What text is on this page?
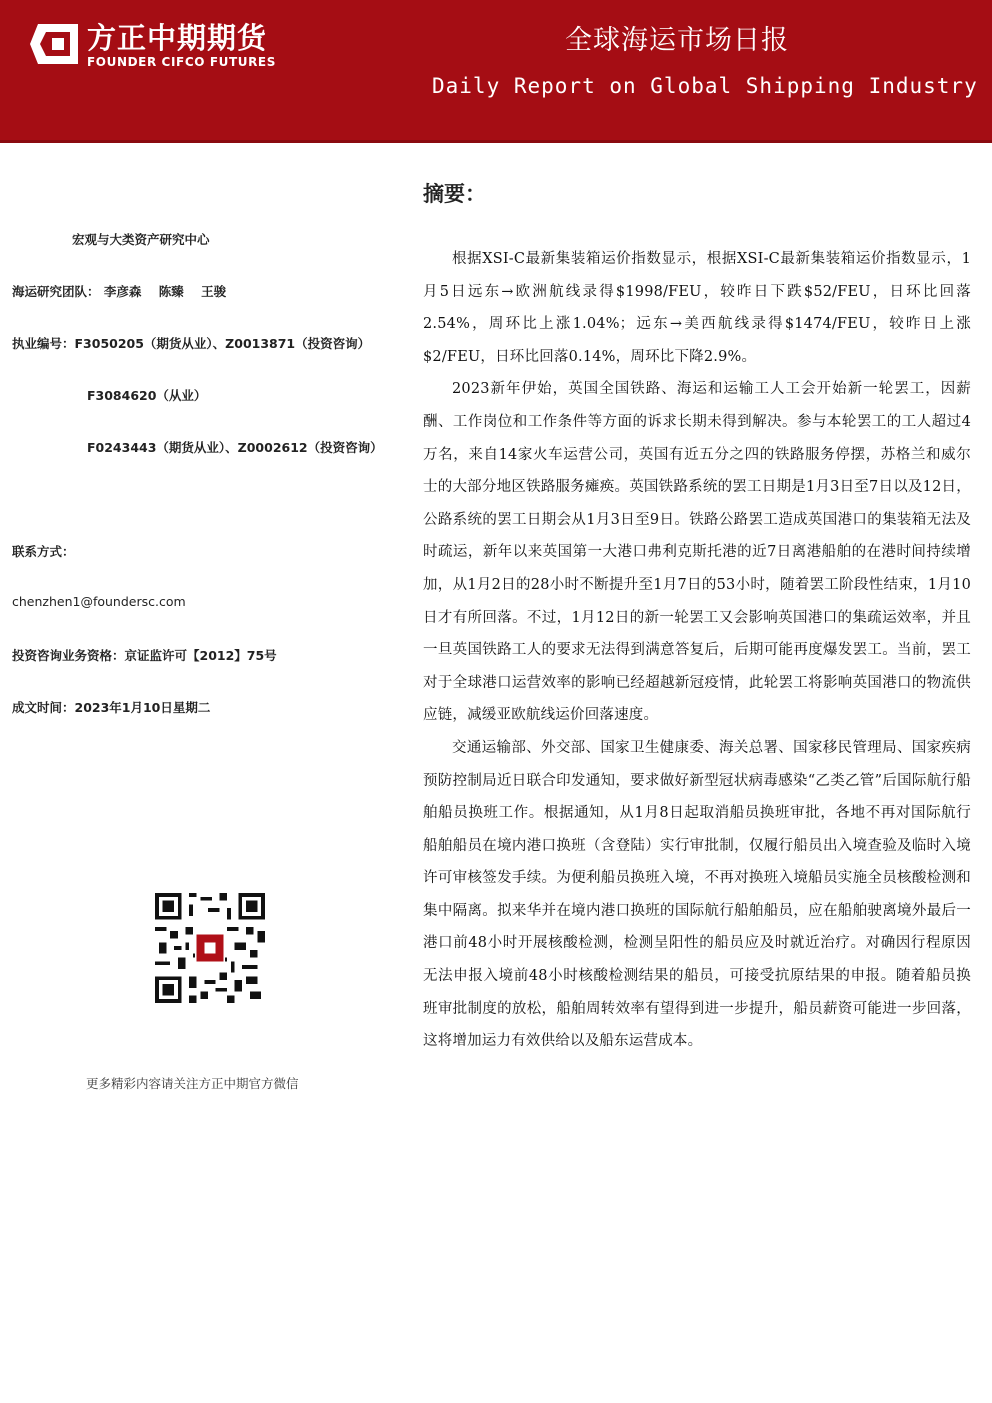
方正中期期货
FOUNDER CIFCO FUTURES
全球海运市场日报
Daily Report on Global Shipping Industry
宏观与大类资产研究中心
海运研究团队： 李彦森 陈臻 王骏
执业编号：F3050205（期货从业）、Z0013871（投资咨询）
F3084620（从业）
F0243443（期货从业）、Z0002612（投资咨询）
联系方式：
chenzhen1@foundersc.com
投资咨询业务资格：京证监许可【2012】75号
成文时间：2023年1月10日星期二
更多精彩内容请关注方正中期官方微信
摘要：

根据XSI-C最新集装箱运价指数显示，根据XSI-C最新集装箱运价指数显示，1月5日远东→欧洲航线录得$1998/FEU，较昨日下跌$52/FEU，日环比回落2.54%，周环比上涨1.04%；远东→美西航线录得$1474/FEU，较昨日上涨$2/FEU，日环比回落0.14%，周环比下降2.9%。

2023新年伊始，英国全国铁路、海运和运输工人工会开始新一轮罢工，因薪酬、工作岗位和工作条件等方面的诉求长期未得到解决。参与本轮罢工的工人超过4万名，来自14家火车运营公司，英国有近五分之四的铁路服务停摆，苏格兰和威尔士的大部分地区铁路服务瘫痪。英国铁路系统的罢工日期是1月3日至7日以及12日，公路系统的罢工日期会从1月3日至9日。铁路公路罢工造成英国港口的集装箱无法及时疏运，新年以来英国第一大港口弗利克斯托港的近7日离港船舶的在港时间持续增加，从1月2日的28小时不断提升至1月7日的53小时，随着罢工阶段性结束，1月10日才有所回落。不过，1月12日的新一轮罢工又会影响英国港口的集疏运效率，并且一旦英国铁路工人的要求无法得到满意答复后，后期可能再度爆发罢工。当前，罢工对于全球港口运营效率的影响已经超越新冠疫情，此轮罢工将影响英国港口的物流供应链，减缓亚欧航线运价回落速度。

交通运输部、外交部、国家卫生健康委、海关总署、国家移民管理局、国家疾病预防控制局近日联合印发通知，要求做好新型冠状病毒感染“乙类乙管”后国际航行船舶船员换班工作。根据通知，从1月8日起取消船员换班审批，各地不再对国际航行船舶船员在境内港口换班（含登陆）实行审批制，仅履行船员出入境查验及临时入境许可审核签发手续。为便利船员换班入境，不再对换班入境船员实施全员核酸检测和集中隔离。拟来华并在境内港口换班的国际航行船舶船员，应在船舶驶离境外最后一港口前48小时开展核酸检测，检测呈阳性的船员应及时就近治疗。对确因行程原因无法申报入境前48小时核酸检测结果的船员，可接受抗原结果的申报。随着船员换班审批制度的放松，船舶周转效率有望得到进一步提升，船员薪资可能进一步回落，这将增加运力有效供给以及船东运营成本。
